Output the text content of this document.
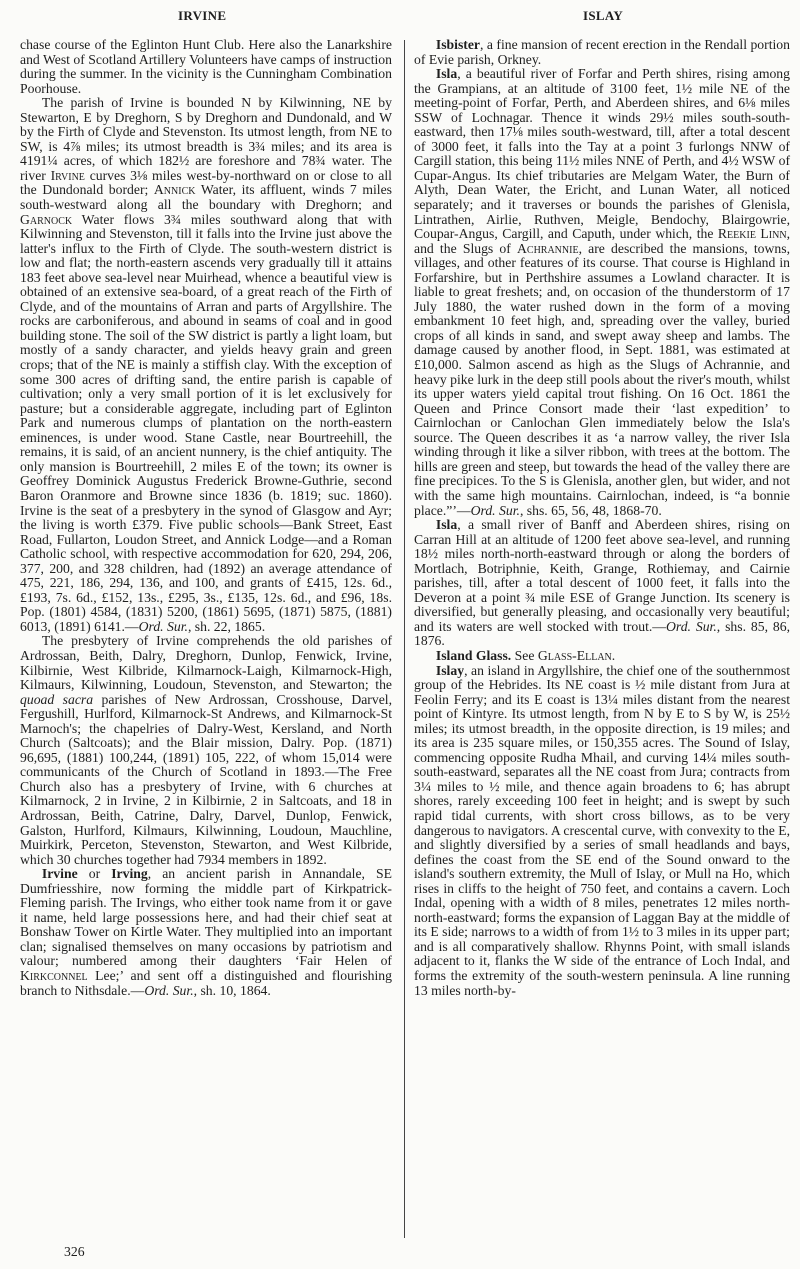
IRVINE	ISLAY

chase course of the Eglinton Hunt Club. Here also the Lanarkshire and West of Scotland Artillery Volunteers have camps of instruction during the summer. In the vicinity is the Cunningham Combination Poorhouse.

The parish of Irvine is bounded N by Kilwinning, NE by Stewarton, E by Dreghorn, S by Dreghorn and Dundonald, and W by the Firth of Clyde and Stevenston. Its utmost length, from NE to SW, is 4⅞ miles; its utmost breadth is 3¾ miles; and its area is 4191¼ acres, of which 182½ are foreshore and 78¾ water. The river Irvine curves 3⅛ miles west-by-northward on or close to all the Dundonald border; Annick Water, its affluent, winds 7 miles south-westward along all the boundary with Dreghorn; and Garnock Water flows 3¾ miles southward along that with Kilwinning and Stevenston, till it falls into the Irvine just above the latter's influx to the Firth of Clyde. The south-western district is low and flat; the north-eastern ascends very gradually till it attains 183 feet above sea-level near Muirhead, whence a beautiful view is obtained of an extensive sea-board, of a great reach of the Firth of Clyde, and of the mountains of Arran and parts of Argyllshire. The rocks are carboniferous, and abound in seams of coal and in good building stone. The soil of the SW district is partly a light loam, but mostly of a sandy character, and yields heavy grain and green crops; that of the NE is mainly a stiffish clay. With the exception of some 300 acres of drifting sand, the entire parish is capable of cultivation; only a very small portion of it is let exclusively for pasture; but a considerable aggregate, including part of Eglinton Park and numerous clumps of plantation on the north-eastern eminences, is under wood. Stane Castle, near Bourtreehill, the remains, it is said, of an ancient nunnery, is the chief antiquity. The only mansion is Bourtreehill, 2 miles E of the town; its owner is Geoffrey Dominick Augustus Frederick Browne-Guthrie, second Baron Oranmore and Browne since 1836 (b. 1819; suc. 1860). Irvine is the seat of a presbytery in the synod of Glasgow and Ayr; the living is worth £379. Five public schools—Bank Street, East Road, Fullarton, Loudon Street, and Annick Lodge—and a Roman Catholic school, with respective accommodation for 620, 294, 206, 377, 200, and 328 children, had (1892) an average attendance of 475, 221, 186, 294, 136, and 100, and grants of £415, 12s. 6d., £193, 7s. 6d., £152, 13s., £295, 3s., £135, 12s. 6d., and £96, 18s. Pop. (1801) 4584, (1831) 5200, (1861) 5695, (1871) 5875, (1881) 6013, (1891) 6141.—Ord. Sur., sh. 22, 1865.

The presbytery of Irvine comprehends the old parishes of Ardrossan, Beith, Dalry, Dreghorn, Dunlop, Fenwick, Irvine, Kilbirnie, West Kilbride, Kilmarnock-Laigh, Kilmarnock-High, Kilmaurs, Kilwinning, Loudoun, Stevenston, and Stewarton; the quoad sacra parishes of New Ardrossan, Crosshouse, Darvel, Fergushill, Hurlford, Kilmarnock-St Andrews, and Kilmarnock-St Marnoch's; the chapelries of Dalry-West, Kersland, and North Church (Saltcoats); and the Blair mission, Dalry. Pop. (1871) 96,695, (1881) 100,244, (1891) 105, 222, of whom 15,014 were communicants of the Church of Scotland in 1893.—The Free Church also has a presbytery of Irvine, with 6 churches at Kilmarnock, 2 in Irvine, 2 in Kilbirnie, 2 in Saltcoats, and 18 in Ardrossan, Beith, Catrine, Dalry, Darvel, Dunlop, Fenwick, Galston, Hurlford, Kilmaurs, Kilwinning, Loudoun, Mauchline, Muirkirk, Perceton, Stevenston, Stewarton, and West Kilbride, which 30 churches together had 7934 members in 1892.

Irvine or Irving, an ancient parish in Annandale, SE Dumfriesshire, now forming the middle part of Kirkpatrick-Fleming parish. The Irvings, who either took name from it or gave it name, held large possessions here, and had their chief seat at Bonshaw Tower on Kirtle Water. They multiplied into an important clan; signalised themselves on many occasions by patriotism and valour; numbered among their daughters ‘Fair Helen of Kirkconnel Lee;’ and sent off a distinguished and flourishing branch to Nithsdale.—Ord. Sur., sh. 10, 1864.

Isbister, a fine mansion of recent erection in the Rendall portion of Evie parish, Orkney.

Isla, a beautiful river of Forfar and Perth shires, rising among the Grampians, at an altitude of 3100 feet, 1½ mile NE of the meeting-point of Forfar, Perth, and Aberdeen shires, and 6⅛ miles SSW of Lochnagar. Thence it winds 29½ miles south-south-eastward, then 17⅛ miles south-westward, till, after a total descent of 3000 feet, it falls into the Tay at a point 3 furlongs NNW of Cargill station, this being 11½ miles NNE of Perth, and 4½ WSW of Cupar-Angus. Its chief tributaries are Melgam Water, the Burn of Alyth, Dean Water, the Ericht, and Lunan Water, all noticed separately; and it traverses or bounds the parishes of Glenisla, Lintrathen, Airlie, Ruthven, Meigle, Bendochy, Blairgowrie, Coupar-Angus, Cargill, and Caputh, under which, the Reekie Linn, and the Slugs of Achrannie, are described the mansions, towns, villages, and other features of its course. That course is Highland in Forfarshire, but in Perthshire assumes a Lowland character. It is liable to great freshets; and, on occasion of the thunderstorm of 17 July 1880, the water rushed down in the form of a moving embankment 10 feet high, and, spreading over the valley, buried crops of all kinds in sand, and swept away sheep and lambs. The damage caused by another flood, in Sept. 1881, was estimated at £10,000. Salmon ascend as high as the Slugs of Achrannie, and heavy pike lurk in the deep still pools about the river's mouth, whilst its upper waters yield capital trout fishing. On 16 Oct. 1861 the Queen and Prince Consort made their ‘last expedition’ to Cairnlochan or Canlochan Glen immediately below the Isla's source. The Queen describes it as ‘a narrow valley, the river Isla winding through it like a silver ribbon, with trees at the bottom. The hills are green and steep, but towards the head of the valley there are fine precipices. To the S is Glenisla, another glen, but wider, and not with the same high mountains. Cairnlochan, indeed, is “a bonnie place.”’—Ord. Sur., shs. 65, 56, 48, 1868-70.

Isla, a small river of Banff and Aberdeen shires, rising on Carran Hill at an altitude of 1200 feet above sea-level, and running 18½ miles north-north-eastward through or along the borders of Mortlach, Botriphnie, Keith, Grange, Rothiemay, and Cairnie parishes, till, after a total descent of 1000 feet, it falls into the Deveron at a point ¾ mile ESE of Grange Junction. Its scenery is diversified, but generally pleasing, and occasionally very beautiful; and its waters are well stocked with trout.—Ord. Sur., shs. 85, 86, 1876.

Island Glass. See Glass-Ellan.

Islay, an island in Argyllshire, the chief one of the southernmost group of the Hebrides. Its NE coast is ½ mile distant from Jura at Feolin Ferry; and its E coast is 13¼ miles distant from the nearest point of Kintyre. Its utmost length, from N by E to S by W, is 25½ miles; its utmost breadth, in the opposite direction, is 19 miles; and its area is 235 square miles, or 150,355 acres. The Sound of Islay, commencing opposite Rudha Mhail, and curving 14¼ miles south-south-eastward, separates all the NE coast from Jura; contracts from 3¼ miles to ½ mile, and thence again broadens to 6; has abrupt shores, rarely exceeding 100 feet in height; and is swept by such rapid tidal currents, with short cross billows, as to be very dangerous to navigators. A crescental curve, with convexity to the E, and slightly diversified by a series of small headlands and bays, defines the coast from the SE end of the Sound onward to the island's southern extremity, the Mull of Islay, or Mull na Ho, which rises in cliffs to the height of 750 feet, and contains a cavern. Loch Indal, opening with a width of 8 miles, penetrates 12 miles north-north-eastward; forms the expansion of Laggan Bay at the middle of its E side; narrows to a width of from 1½ to 3 miles in its upper part; and is all comparatively shallow. Rhynns Point, with small islands adjacent to it, flanks the W side of the entrance of Loch Indal, and forms the extremity of the south-western peninsula. A line running 13 miles north-by-

326
